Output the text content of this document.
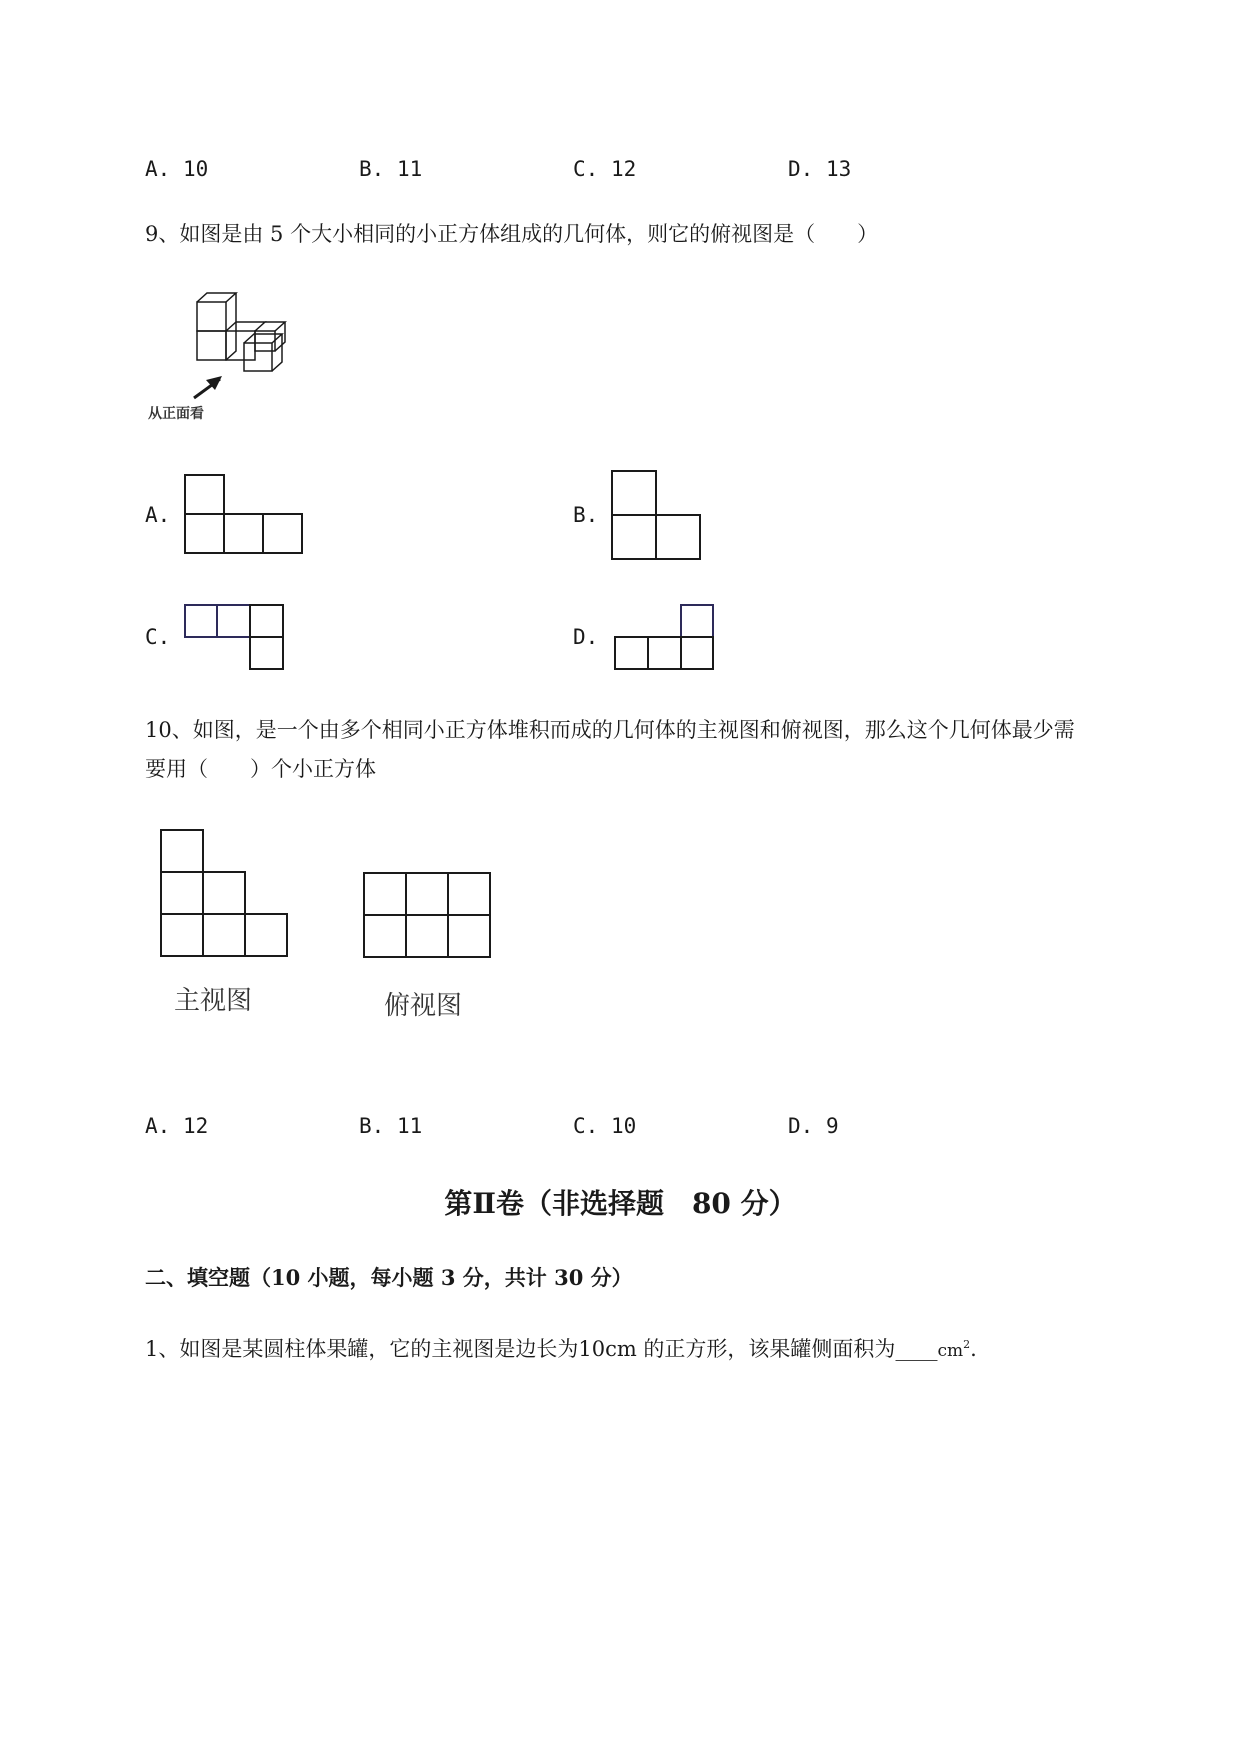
A. 10	B. 11	C. 12	D. 13
9、如图是由 5 个大小相同的小正方体组成的几何体，则它的俯视图是（　　）
从正面看
A.	B.
C.	D.
10、如图，是一个由多个相同小正方体堆积而成的几何体的主视图和俯视图，那么这个几何体最少需
要用（　　）个小正方体
主视图	俯视图
A. 12	B. 11	C. 10	D. 9
第Ⅱ卷（非选择题　80 分）
二、填空题（10 小题，每小题 3 分，共计 30 分）
1、如图是某圆柱体果罐，它的主视图是边长为10cm 的正方形，该果罐侧面积为$\_\_\_\_cm^2$.
